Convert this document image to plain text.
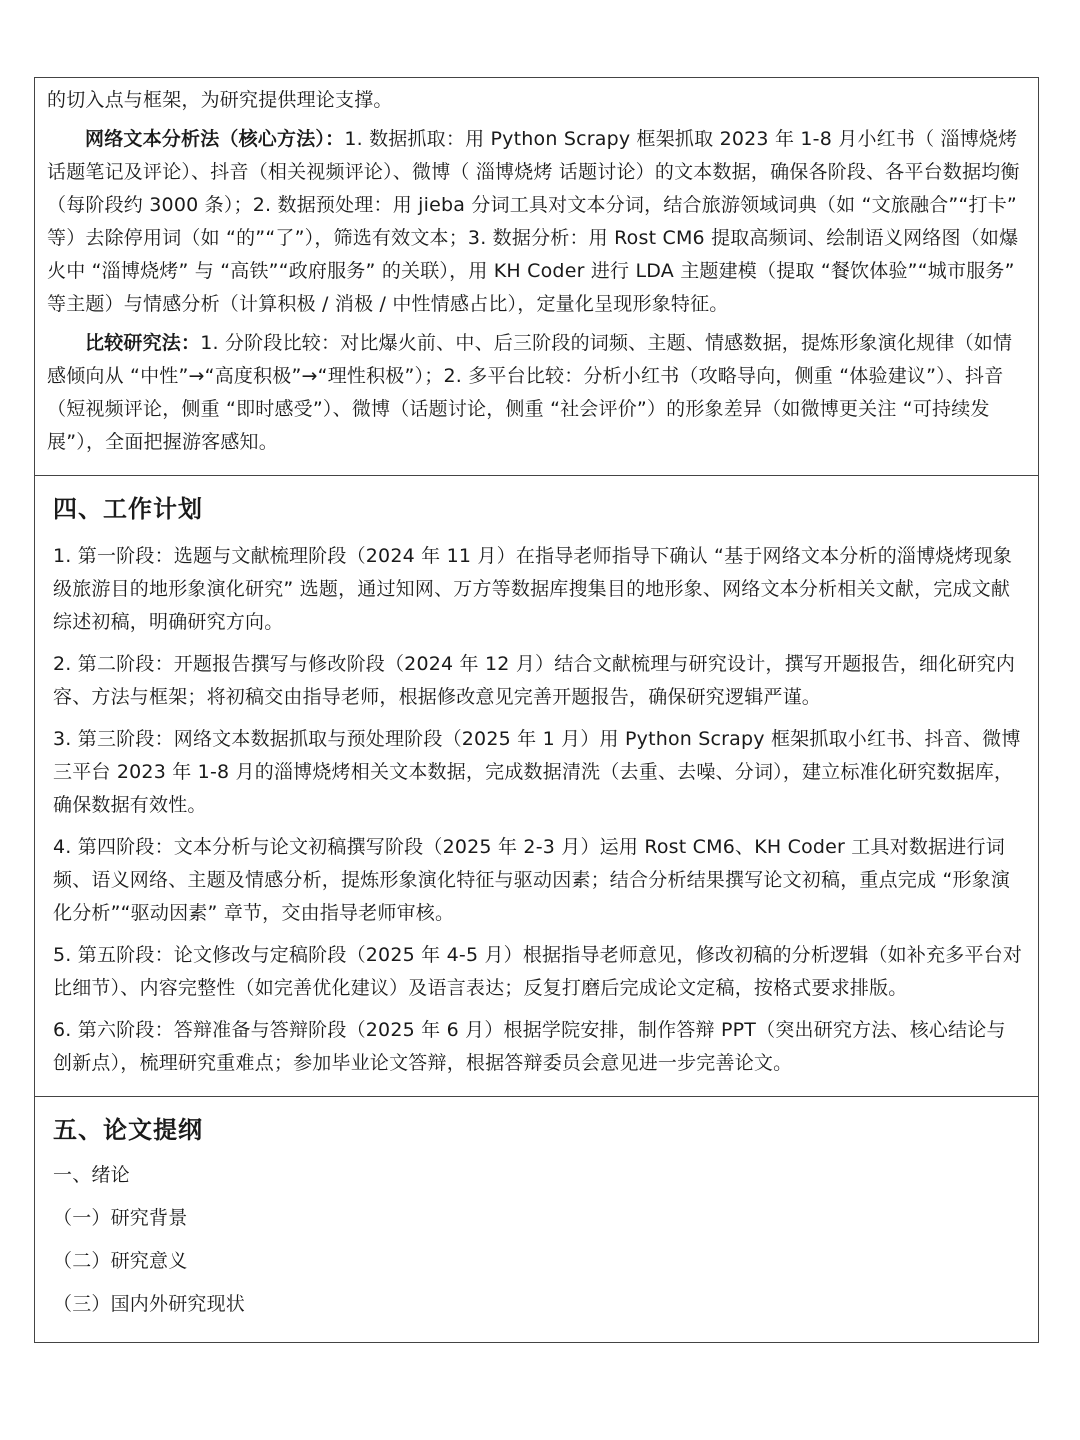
的切入点与框架，为研究提供理论支撑。

网络文本分析法（核心方法）：1. 数据抓取：用 Python Scrapy 框架抓取 2023 年 1-8 月小红书（ 淄博烧烤 话题笔记及评论）、抖音（相关视频评论）、微博（ 淄博烧烤 话题讨论）的文本数据，确保各阶段、各平台数据均衡（每阶段约 3000 条）；2. 数据预处理：用 jieba 分词工具对文本分词，结合旅游领域词典（如 “文旅融合”“打卡” 等）去除停用词（如 “的”“了”），筛选有效文本；3. 数据分析：用 Rost CM6 提取高频词、绘制语义网络图（如爆火中 “淄博烧烤” 与 “高铁”“政府服务” 的关联），用 KH Coder 进行 LDA 主题建模（提取 “餐饮体验”“城市服务” 等主题）与情感分析（计算积极 / 消极 / 中性情感占比），定量化呈现形象特征。

比较研究法：1. 分阶段比较：对比爆火前、中、后三阶段的词频、主题、情感数据，提炼形象演化规律（如情感倾向从 “中性”→“高度积极”→“理性积极”）；2. 多平台比较：分析小红书（攻略导向，侧重 “体验建议”）、抖音（短视频评论，侧重 “即时感受”）、微博（话题讨论，侧重 “社会评价”）的形象差异（如微博更关注 “可持续发展”），全面把握游客感知。

四、工作计划

1. 第一阶段：选题与文献梳理阶段（2024 年 11 月）在指导老师指导下确认 “基于网络文本分析的淄博烧烤现象级旅游目的地形象演化研究” 选题，通过知网、万方等数据库搜集目的地形象、网络文本分析相关文献，完成文献综述初稿，明确研究方向。

2. 第二阶段：开题报告撰写与修改阶段（2024 年 12 月）结合文献梳理与研究设计，撰写开题报告，细化研究内容、方法与框架；将初稿交由指导老师，根据修改意见完善开题报告，确保研究逻辑严谨。

3. 第三阶段：网络文本数据抓取与预处理阶段（2025 年 1 月）用 Python Scrapy 框架抓取小红书、抖音、微博三平台 2023 年 1-8 月的淄博烧烤相关文本数据，完成数据清洗（去重、去噪、分词），建立标准化研究数据库，确保数据有效性。

4. 第四阶段：文本分析与论文初稿撰写阶段（2025 年 2-3 月）运用 Rost CM6、KH Coder 工具对数据进行词频、语义网络、主题及情感分析，提炼形象演化特征与驱动因素；结合分析结果撰写论文初稿，重点完成 “形象演化分析”“驱动因素” 章节，交由指导老师审核。

5. 第五阶段：论文修改与定稿阶段（2025 年 4-5 月）根据指导老师意见，修改初稿的分析逻辑（如补充多平台对比细节）、内容完整性（如完善优化建议）及语言表达；反复打磨后完成论文定稿，按格式要求排版。

6. 第六阶段：答辩准备与答辩阶段（2025 年 6 月）根据学院安排，制作答辩 PPT（突出研究方法、核心结论与创新点），梳理研究重难点；参加毕业论文答辩，根据答辩委员会意见进一步完善论文。

五、论文提纲

一、绪论

（一）研究背景

（二）研究意义

（三）国内外研究现状
